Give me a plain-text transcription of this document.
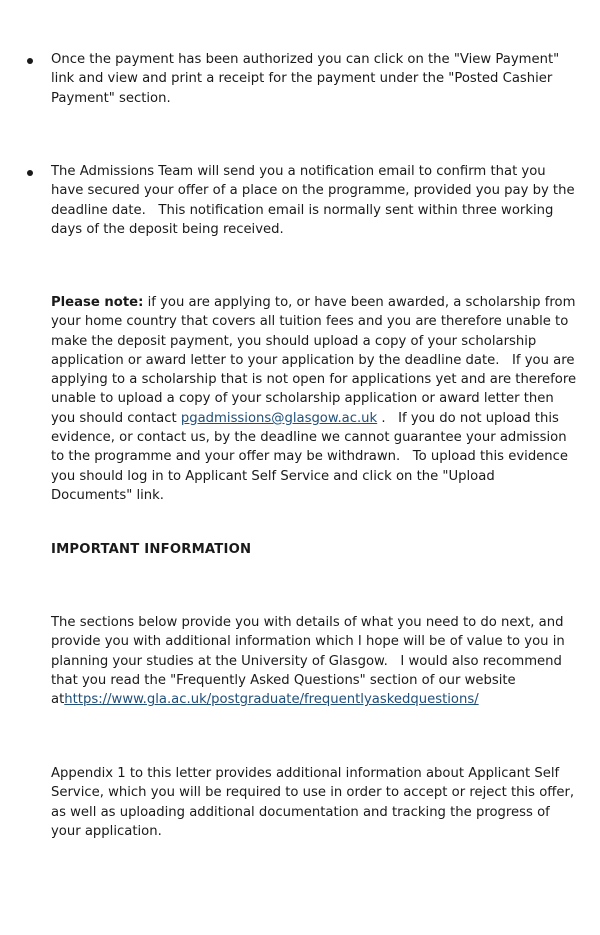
Once the payment has been authorized you can click on the "View Payment" link and view and print a receipt for the payment under the "Posted Cashier Payment" section.

The Admissions Team will send you a notification email to confirm that you have secured your offer of a place on the programme, provided you pay by the deadline date.   This notification email is normally sent within three working days of the deposit being received.

Please note: if you are applying to, or have been awarded, a scholarship from your home country that covers all tuition fees and you are therefore unable to make the deposit payment, you should upload a copy of your scholarship application or award letter to your application by the deadline date.   If you are applying to a scholarship that is not open for applications yet and are therefore unable to upload a copy of your scholarship application or award letter then you should contact pgadmissions@glasgow.ac.uk .   If you do not upload this evidence, or contact us, by the deadline we cannot guarantee your admission to the programme and your offer may be withdrawn.   To upload this evidence you should log in to Applicant Self Service and click on the "Upload Documents" link.

IMPORTANT INFORMATION

The sections below provide you with details of what you need to do next, and provide you with additional information which I hope will be of value to you in planning your studies at the University of Glasgow.   I would also recommend that you read the "Frequently Asked Questions" section of our website athttps://www.gla.ac.uk/postgraduate/frequentlyaskedquestions/

Appendix 1 to this letter provides additional information about Applicant Self Service, which you will be required to use in order to accept or reject this offer, as well as uploading additional documentation and tracking the progress of your application.
